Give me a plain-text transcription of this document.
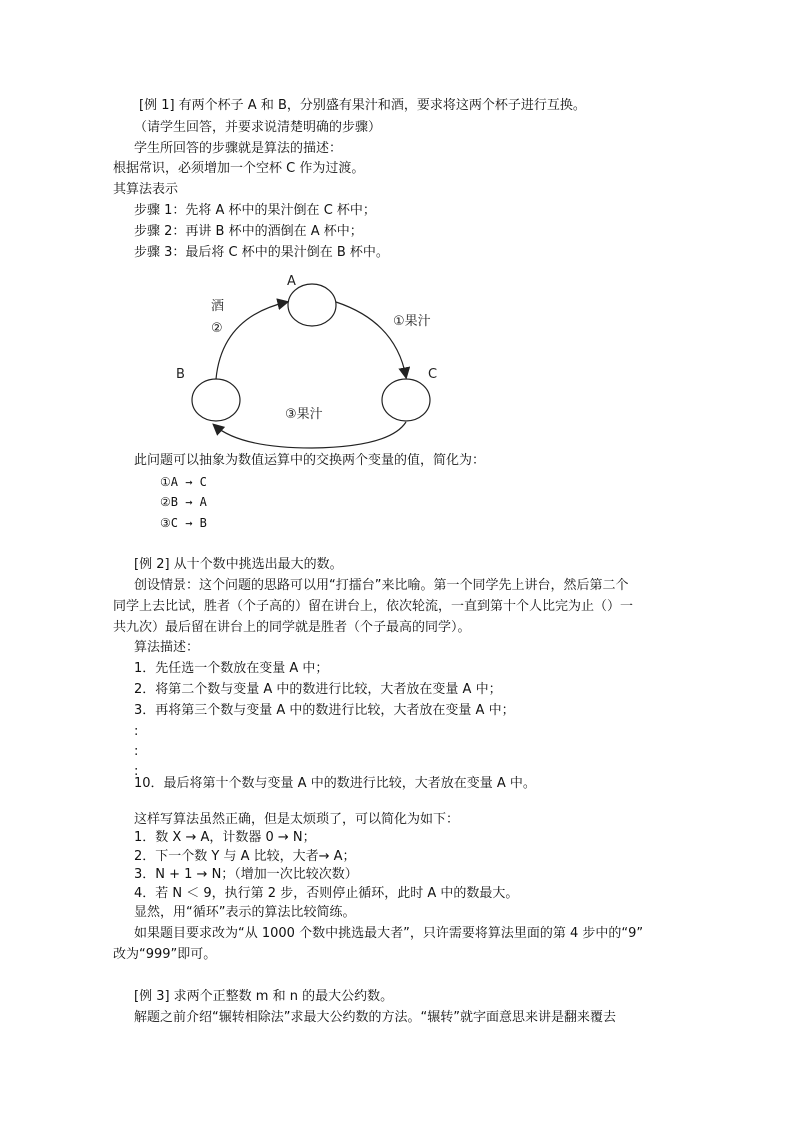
[例 1] 有两个杯子 A 和 B，分别盛有果汁和酒，要求将这两个杯子进行互换。
（请学生回答，并要求说清楚明确的步骤）
学生所回答的步骤就是算法的描述：
根据常识，必须增加一个空杯 C 作为过渡。
其算法表示
步骤 1：先将 A 杯中的果汁倒在 C 杯中；
步骤 2：再讲 B 杯中的酒倒在 A 杯中；
步骤 3：最后将 C 杯中的果汁倒在 B 杯中。
A
B	C
酒
②	①果汁
③果汁
此问题可以抽象为数值运算中的交换两个变量的值，简化为：
①A → C
②B → A
③C → B
[例 2] 从十个数中挑选出最大的数。
创设情景：这个问题的思路可以用“打擂台”来比喻。第一个同学先上讲台，然后第二个
同学上去比试，胜者（个子高的）留在讲台上，依次轮流，一直到第十个人比完为止（）一
共九次）最后留在讲台上的同学就是胜者（个子最高的同学）。
算法描述：
1．先任选一个数放在变量 A 中；
2．将第二个数与变量 A 中的数进行比较，大者放在变量 A 中；
3．再将第三个数与变量 A 中的数进行比较，大者放在变量 A 中；
:
:
:
10．最后将第十个数与变量 A 中的数进行比较，大者放在变量 A 中。
这样写算法虽然正确，但是太烦琐了，可以简化为如下：
1．数 X → A，计数器 0 → N；
2．下一个数 Y 与 A 比较，大者→ A；
3．N + 1 → N；（增加一次比较次数）
4．若 N ＜ 9，执行第 2 步，否则停止循环，此时 A 中的数最大。
显然，用“循环”表示的算法比较简练。
如果题目要求改为“从 1000 个数中挑选最大者”，只许需要将算法里面的第 4 步中的“9”
改为“999”即可。
[例 3] 求两个正整数 m 和 n 的最大公约数。
解题之前介绍“辗转相除法”求最大公约数的方法。“辗转”就字面意思来讲是翻来覆去
